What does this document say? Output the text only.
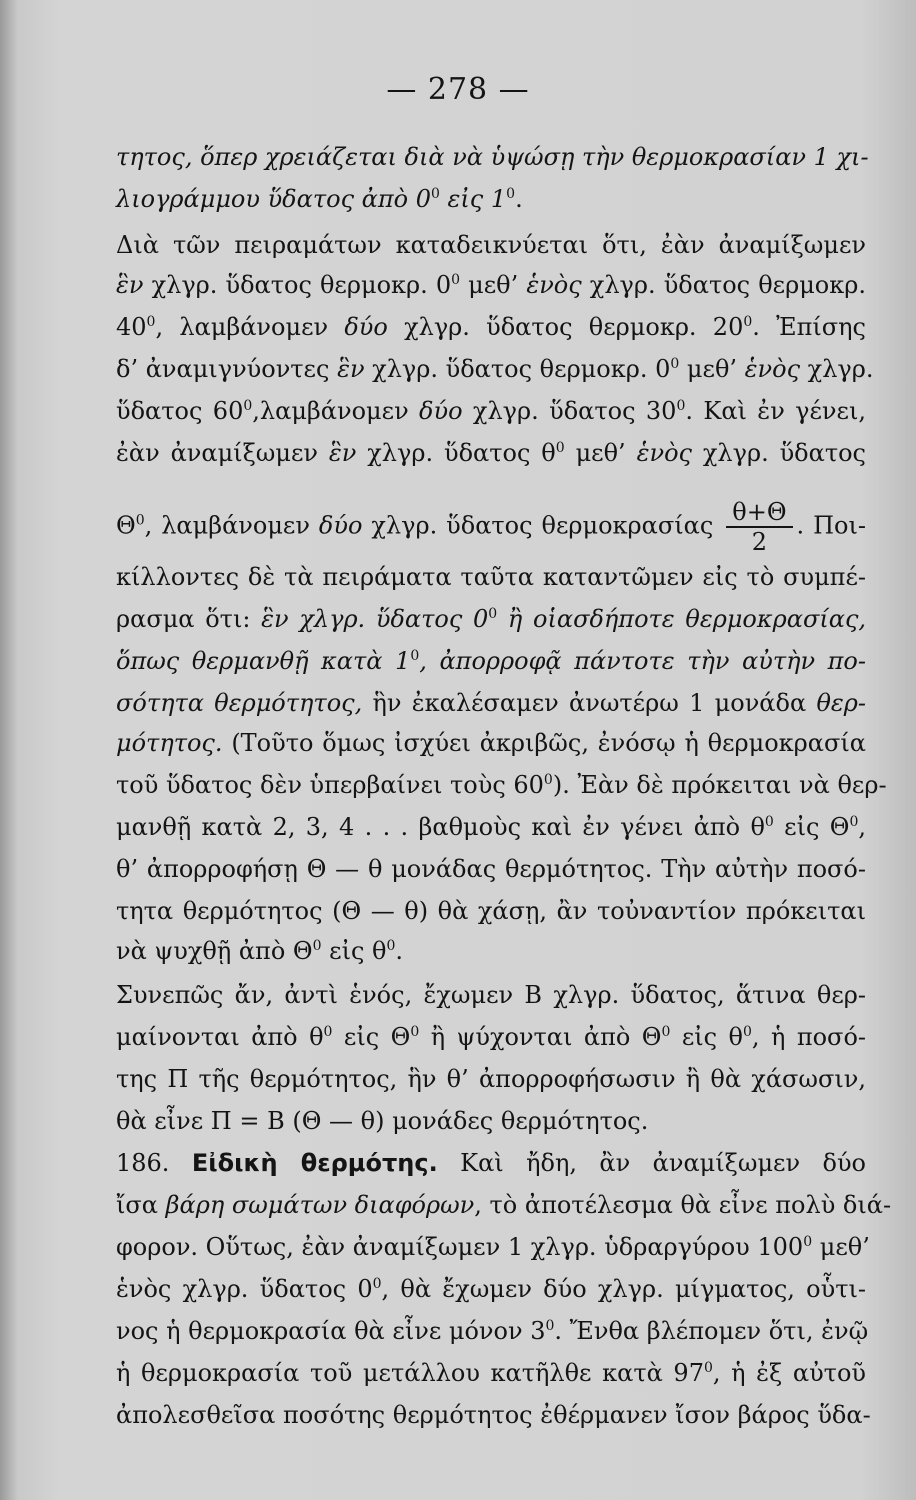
— 278 —
τητος, ὅπερ χρειάζεται διὰ νὰ ὑψώσῃ τὴν θερμοκρασίαν 1 χι-
λιογράμμου ὕδατος ἀπὸ $0^0$ εἰς $1^0$.
Διὰ τῶν πειραμάτων καταδεικνύεται ὅτι, ἐὰν ἀναμίξωμεν
ἓν χλγρ. ὕδατος θερμοκρ. $0^0$ μεθ’ ἑνὸς χλγρ. ὕδατος θερμοκρ.
$40^0$, λαμβάνομεν δύο χλγρ. ὕδατος θερμοκρ. $20^0$. Ἐπίσης
δ’ ἀναμιγνύοντες ἓν χλγρ. ὕδατος θερμοκρ. $0^0$ μεθ’ ἑνὸς χλγρ.
ὕδατος $60^0,\lambda\alpha\mu\beta ά\nu o\mu\varepsilon\nu$ δύο χλγρ. ὕδατος $30^0$. Καὶ ἐν γένει,
ἐὰν ἀναμίξωμεν ἓν χλγρ. ὕδατος $\theta^0$ μεθ’ ἑνὸς χλγρ. ὕδατος
$\Theta^0$, λαμβάνομεν δύο χλγρ. ὕδατος θερμοκρασίας $\frac{\theta+\Theta}{2}$ . Ποι-
κίλλοντες δὲ τὰ πειράματα ταῦτα καταντῶμεν εἰς τὸ συμπέ-
ρασμα ὅτι: ἓν χλγρ. ὕδατος $0^0$ ἢ οἱασδήποτε θερμοκρασίας,
ὅπως θερμανθῇ κατὰ $1^0$, ἀπορροφᾷ πάντοτε τὴν αὐτὴν πο-
σότητα θερμότητος, ἣν ἐκαλέσαμεν ἀνωτέρω 1 μονάδα θερ-
μότητος. (Τοῦτο ὅμως ἰσχύει ἀκριβῶς, ἐνόσῳ ἡ θερμοκρασία
τοῦ ὕδατος δὲν ὑπερβαίνει τοὺς $60^0$). Ἐὰν δὲ πρόκειται νὰ θερ-
μανθῇ κατὰ 2, 3, 4 . . . βαθμοὺς καὶ ἐν γένει ἀπὸ $\theta^0$ εἰς $\Theta^0$,
θ’ ἀπορροφήσῃ Θ — θ μονάδας θερμότητος. Τὴν αὐτὴν ποσό-
τητα θερμότητος (Θ — θ) θὰ χάσῃ, ἂν τοὐναντίον πρόκειται
νὰ ψυχθῇ ἀπὸ $\Theta^0$ εἰς $\theta^0$.
Συνεπῶς ἄν, ἀντὶ ἑνός, ἔχωμεν Β χλγρ. ὕδατος, ἅτινα θερ-
μαίνονται ἀπὸ $\theta^0$ εἰς $\Theta^0$ ἢ ψύχονται ἀπὸ $\Theta^0$ εἰς $\theta^0$, ἡ ποσό-
της Π τῆς θερμότητος, ἣν θ’ ἀπορροφήσωσιν ἢ θὰ χάσωσιν,
θὰ εἶνε Π = Β (Θ — θ) μονάδες θερμότητος.
186. Εἰδικὴ θερμότης. Καὶ ἤδη, ἂν ἀναμίξωμεν δύο
ἴσα βάρη σωμάτων διαφόρων, τὸ ἀποτέλεσμα θὰ εἶνε πολὺ διά-
φορον. Οὕτως, ἐὰν ἀναμίξωμεν 1 χλγρ. ὑδραργύρου $100^0$ μεθ’
ἑνὸς χλγρ. ὕδατος $0^0$, θὰ ἔχωμεν δύο χλγρ. μίγματος, οὗτι-
νος ἡ θερμοκρασία θὰ εἶνε μόνον $3^0$. Ἔνθα βλέπομεν ὅτι, ἐνῷ
ἡ θερμοκρασία τοῦ μετάλλου κατῆλθε κατὰ $97^0$, ἡ ἐξ αὐτοῦ
ἀπολεσθεῖσα ποσότης θερμότητος ἐθέρμανεν ἴσον βάρος ὕδα-
